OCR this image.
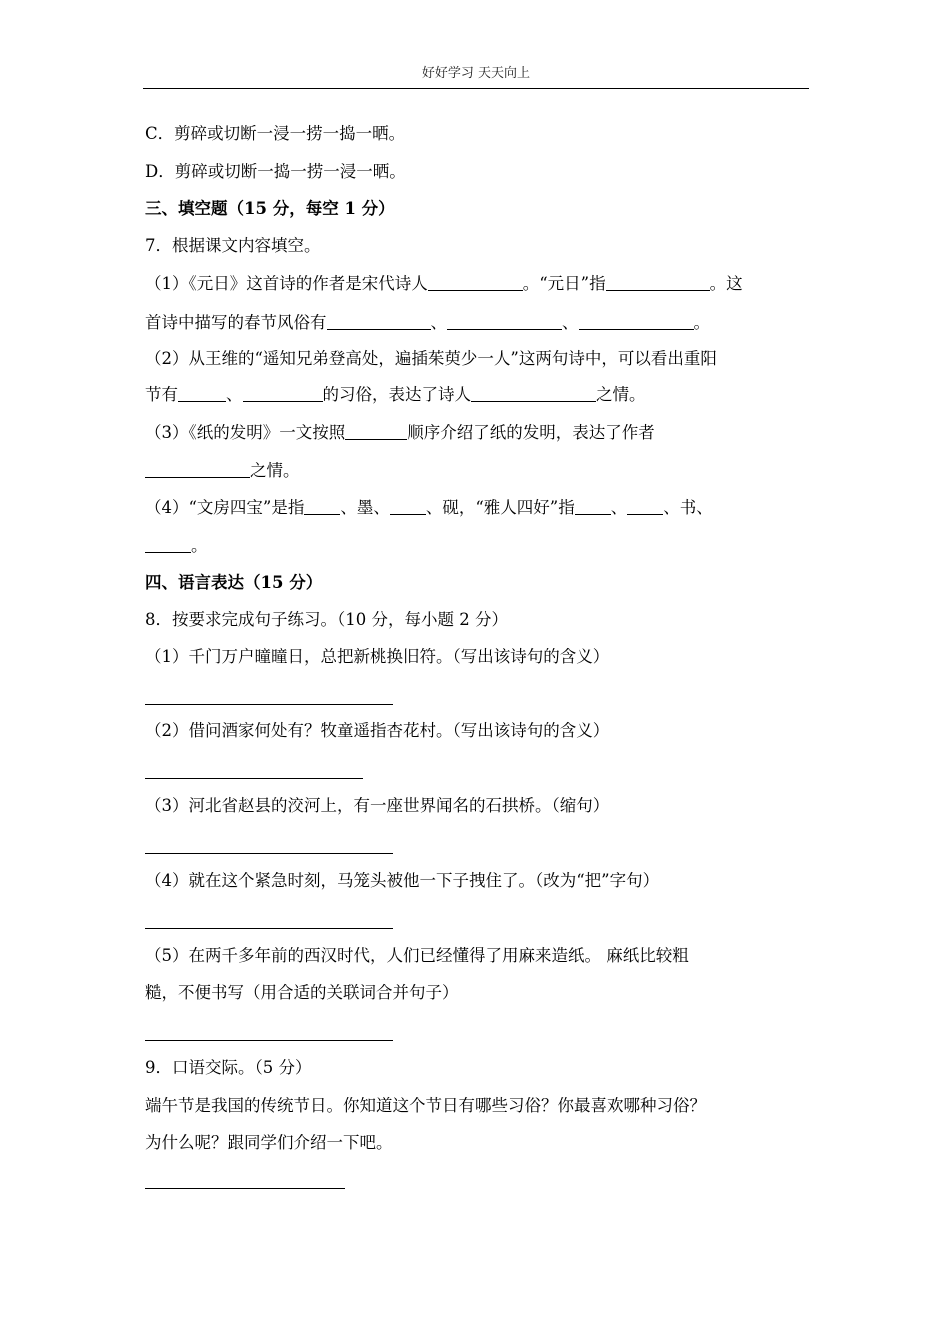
好好学习 天天向上
C．剪碎或切断一浸一捞一捣一晒。
D．剪碎或切断一捣一捞一浸一晒。
三、填空题（15 分，每空 1 分）
7．根据课文内容填空。
（1）《元日》这首诗的作者是宋代诗人	。“元日”指	。这
首诗中描写的春节风俗有	、	、	。
（2）从王维的“遥知兄弟登高处，遍插茱萸少一人”这两句诗中，可以看出重阳
节有	、	的习俗，表达了诗人	之情。
（3）《纸的发明》一文按照	顺序介绍了纸的发明，表达了作者
之情。
（4）“文房四宝”是指 、墨、 、砚，“雅人四好”指 、 、书、
。
四、语言表达（15 分）
8．按要求完成句子练习。（10 分，每小题 2 分）
（1）千门万户曈曈日，总把新桃换旧符。（写出该诗句的含义）
（2）借问酒家何处有？牧童遥指杏花村。（写出该诗句的含义）
（3）河北省赵县的洨河上，有一座世界闻名的石拱桥。（缩句）
（4）就在这个紧急时刻，马笼头被他一下子拽住了。（改为“把”字句）
（5）在两千多年前的西汉时代，人们已经懂得了用麻来造纸。 麻纸比较粗
糙，不便书写（用合适的关联词合并句子）
9．口语交际。（5 分）
端午节是我国的传统节日。你知道这个节日有哪些习俗？你最喜欢哪种习俗？
为什么呢？跟同学们介绍一下吧。
